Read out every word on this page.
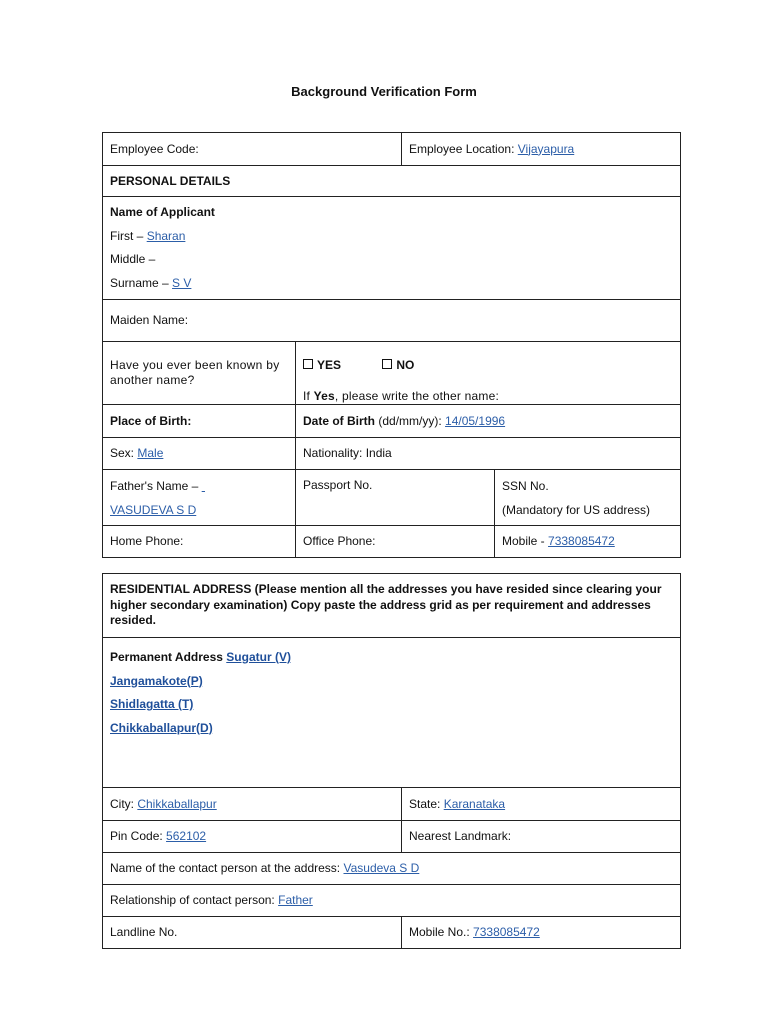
Background Verification Form
Employee Code:		Employee Location: Vijayapura	
PERSONAL DETAILS			

Name of Applicant
First – Sharan
Middle –
Surname – S V			

Maiden Name:			
Have you ever been known by another name?	YES NO
If Yes, please write the other name:		

Place of Birth:	Date of Birth (dd/mm/yy): 14/05/1996		
Sex: Male	Nationality: India		

Father's Name –
VASUDEVA S D	Passport No.		SSN No.
(Mandatory for US address)

Home Phone:	Office Phone:		Mobile - 7338085472
RESIDENTIAL ADDRESS (Please mention all the addresses you have resided since clearing your higher secondary examination) Copy paste the address grid as per requirement and addresses resided.	

Permanent Address Sugatur (V)
Jangamakote(P)
Shidlagatta (T)
Chikkaballapur(D)	

City: Chikkaballapur	State: Karanataka
Pin Code: 562102	Nearest Landmark:
Name of the contact person at the address: Vasudeva S D	
Relationship of contact person: Father	
Landline No.	Mobile No.: 7338085472
